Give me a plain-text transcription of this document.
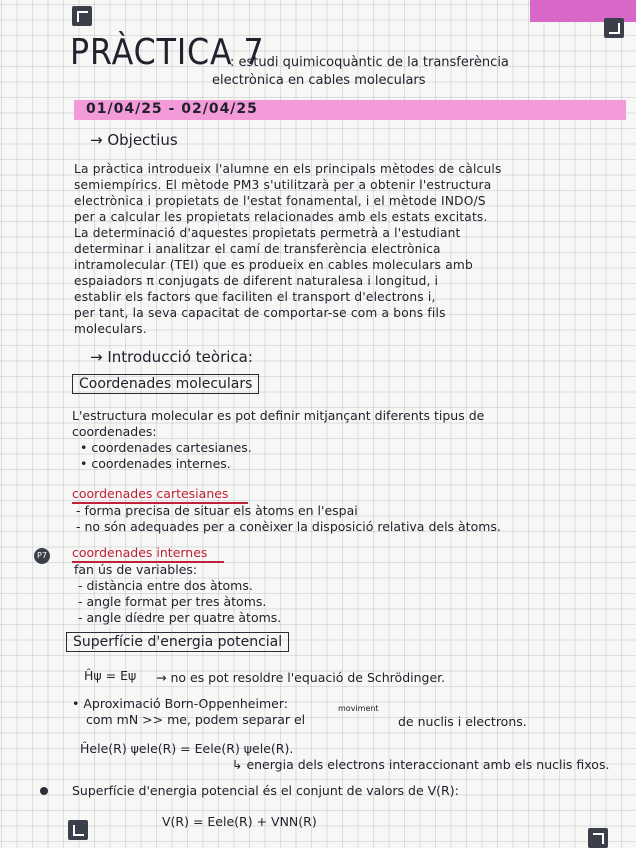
PRÀCTICA 7
: estudi quimicoquàntic de la transferència
electrònica en cables moleculars
01/04/25 - 02/04/25
→ Objectius
La pràctica introdueix l'alumne en els principals mètodes de càlculs
semiempírics. El mètode PM3 s'utilitzarà per a obtenir l'estructura
electrònica i propietats de l'estat fonamental, i el mètode INDO/S
per a calcular les propietats relacionades amb els estats excitats.
La determinació d'aquestes propietats permetrà a l'estudiant
determinar i analitzar el camí de transferència electrònica
intramolecular (TEI) que es produeix en cables moleculars amb
espaiadors π conjugats de diferent naturalesa i longitud, i
establir els factors que faciliten el transport d'electrons i,
per tant, la seva capacitat de comportar-se com a bons fils
moleculars.
→ Introducció teòrica:
Coordenades moleculars
L'estructura molecular es pot definir mitjançant diferents tipus de
coordenades:
• coordenades cartesianes.
• coordenades internes.
coordenades cartesianes
- forma precisa de situar els àtoms en l'espai
- no són adequades per a conèixer la disposició relativa dels àtoms.
P7 coordenades internes
fan ús de variables:
- distància entre dos àtoms.
- angle format per tres àtoms.
- angle díedre per quatre àtoms.
Superfície d'energia potencial
Ĥψ = Eψ → no es pot resoldre l'equació de Schrödinger.
• Aproximació Born-Oppenheimer:	moviment
com mN >> me, podem separar el	de nuclis i electrons.
Ĥele(R) ψele(R) = Eele(R) ψele(R).
↳ energia dels electrons interaccionant amb els nuclis fixos.
Superfície d'energia potencial és el conjunt de valors de V(R):
V(R) = Eele(R) + VNN(R)
